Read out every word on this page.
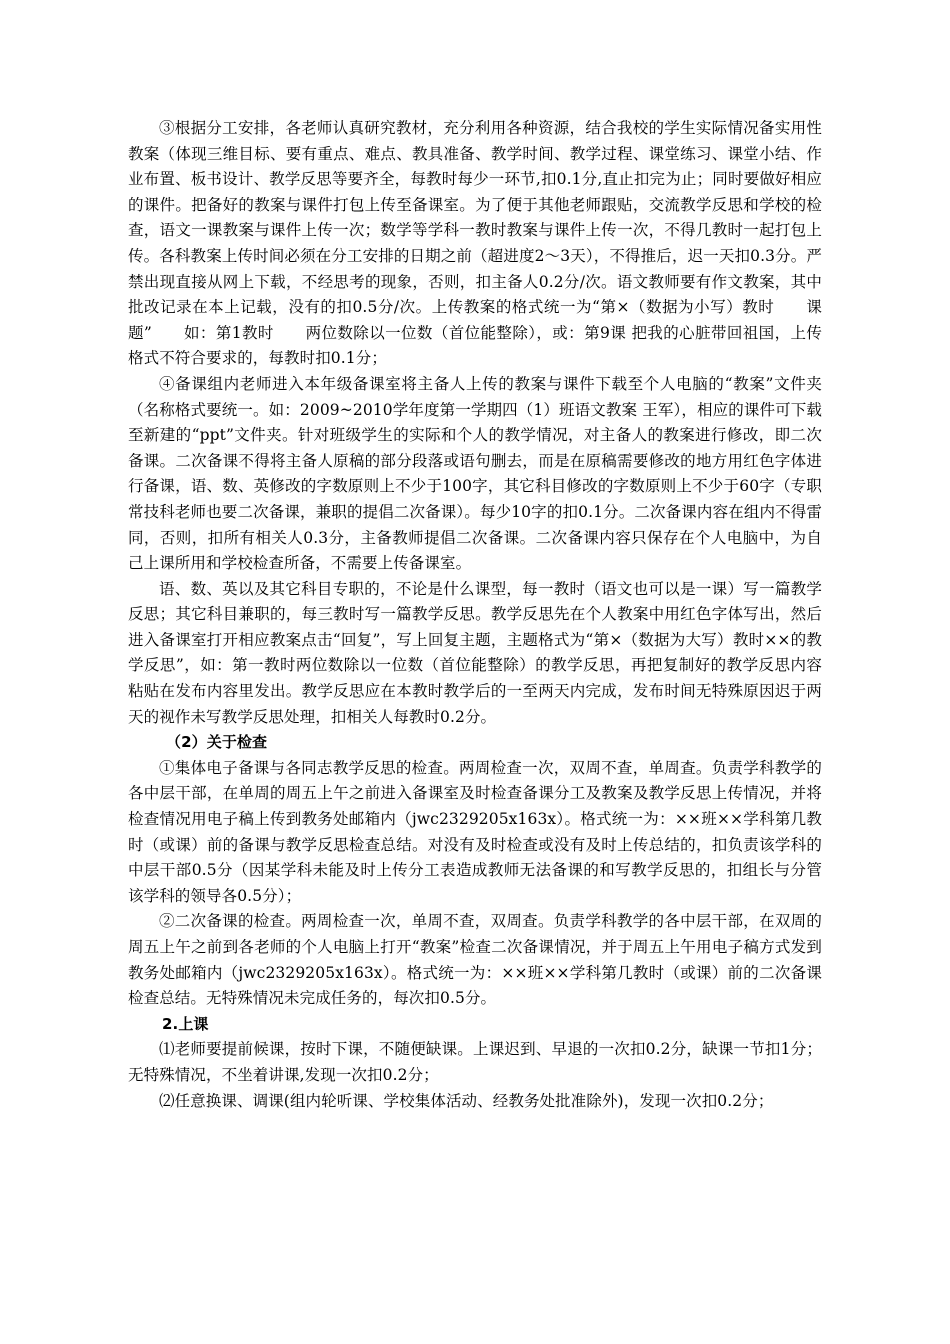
③根据分工安排，各老师认真研究教材，充分利用各种资源，结合我校的学生实际情况备实用性教案（体现三维目标、要有重点、难点、教具准备、教学时间、教学过程、课堂练习、课堂小结、作业布置、板书设计、教学反思等要齐全，每教时每少一环节,扣0.1分,直止扣完为止；同时要做好相应的课件。把备好的教案与课件打包上传至备课室。为了便于其他老师跟贴，交流教学反思和学校的检查，语文一课教案与课件上传一次；数学等学科一教时教案与课件上传一次，不得几教时一起打包上传。各科教案上传时间必须在分工安排的日期之前（超进度2～3天），不得推后，迟一天扣0.3分。严禁出现直接从网上下载，不经思考的现象，否则，扣主备人0.2分/次。语文教师要有作文教案，其中批改记录在本上记载，没有的扣0.5分/次。上传教案的格式统一为“第×（数据为小写）教时　　课题”　　如：第1教时　　两位数除以一位数（首位能整除），或：第9课 把我的心脏带回祖国，上传格式不符合要求的，每教时扣0.1分；

④备课组内老师进入本年级备课室将主备人上传的教案与课件下载至个人电脑的“教案”文件夹（名称格式要统一。如：2009~2010学年度第一学期四（1）班语文教案 王军），相应的课件可下载至新建的“ppt”文件夹。针对班级学生的实际和个人的教学情况，对主备人的教案进行修改，即二次备课。二次备课不得将主备人原稿的部分段落或语句删去，而是在原稿需要修改的地方用红色字体进行备课，语、数、英修改的字数原则上不少于100字，其它科目修改的字数原则上不少于60字（专职常技科老师也要二次备课，兼职的提倡二次备课）。每少10字的扣0.1分。二次备课内容在组内不得雷同，否则，扣所有相关人0.3分，主备教师提倡二次备课。二次备课内容只保存在个人电脑中，为自己上课所用和学校检查所备，不需要上传备课室。

语、数、英以及其它科目专职的，不论是什么课型，每一教时（语文也可以是一课）写一篇教学反思；其它科目兼职的，每三教时写一篇教学反思。教学反思先在个人教案中用红色字体写出，然后进入备课室打开相应教案点击“回复”，写上回复主题，主题格式为“第×（数据为大写）教时××的教学反思”，如：第一教时两位数除以一位数（首位能整除）的教学反思，再把复制好的教学反思内容粘贴在发布内容里发出。教学反思应在本教时教学后的一至两天内完成，发布时间无特殊原因迟于两天的视作未写教学反思处理，扣相关人每教时0.2分。

（2）关于检查

①集体电子备课与各同志教学反思的检查。两周检查一次，双周不查，单周查。负责学科教学的各中层干部，在单周的周五上午之前进入备课室及时检查备课分工及教案及教学反思上传情况，并将检查情况用电子稿上传到教务处邮箱内（jwc2329205x163x）。格式统一为：××班××学科第几教时（或课）前的备课与教学反思检查总结。对没有及时检查或没有及时上传总结的，扣负责该学科的中层干部0.5分（因某学科未能及时上传分工表造成教师无法备课的和写教学反思的，扣组长与分管该学科的领导各0.5分）；

②二次备课的检查。两周检查一次，单周不查，双周查。负责学科教学的各中层干部，在双周的周五上午之前到各老师的个人电脑上打开“教案”检查二次备课情况，并于周五上午用电子稿方式发到教务处邮箱内（jwc2329205x163x）。格式统一为：××班××学科第几教时（或课）前的二次备课检查总结。无特殊情况未完成任务的，每次扣0.5分。

2.上课

⑴老师要提前候课，按时下课，不随便缺课。上课迟到、早退的一次扣0.2分，缺课一节扣1分；无特殊情况，不坐着讲课,发现一次扣0.2分；

⑵任意换课、调课(组内轮听课、学校集体活动、经教务处批准除外)，发现一次扣0.2分；
